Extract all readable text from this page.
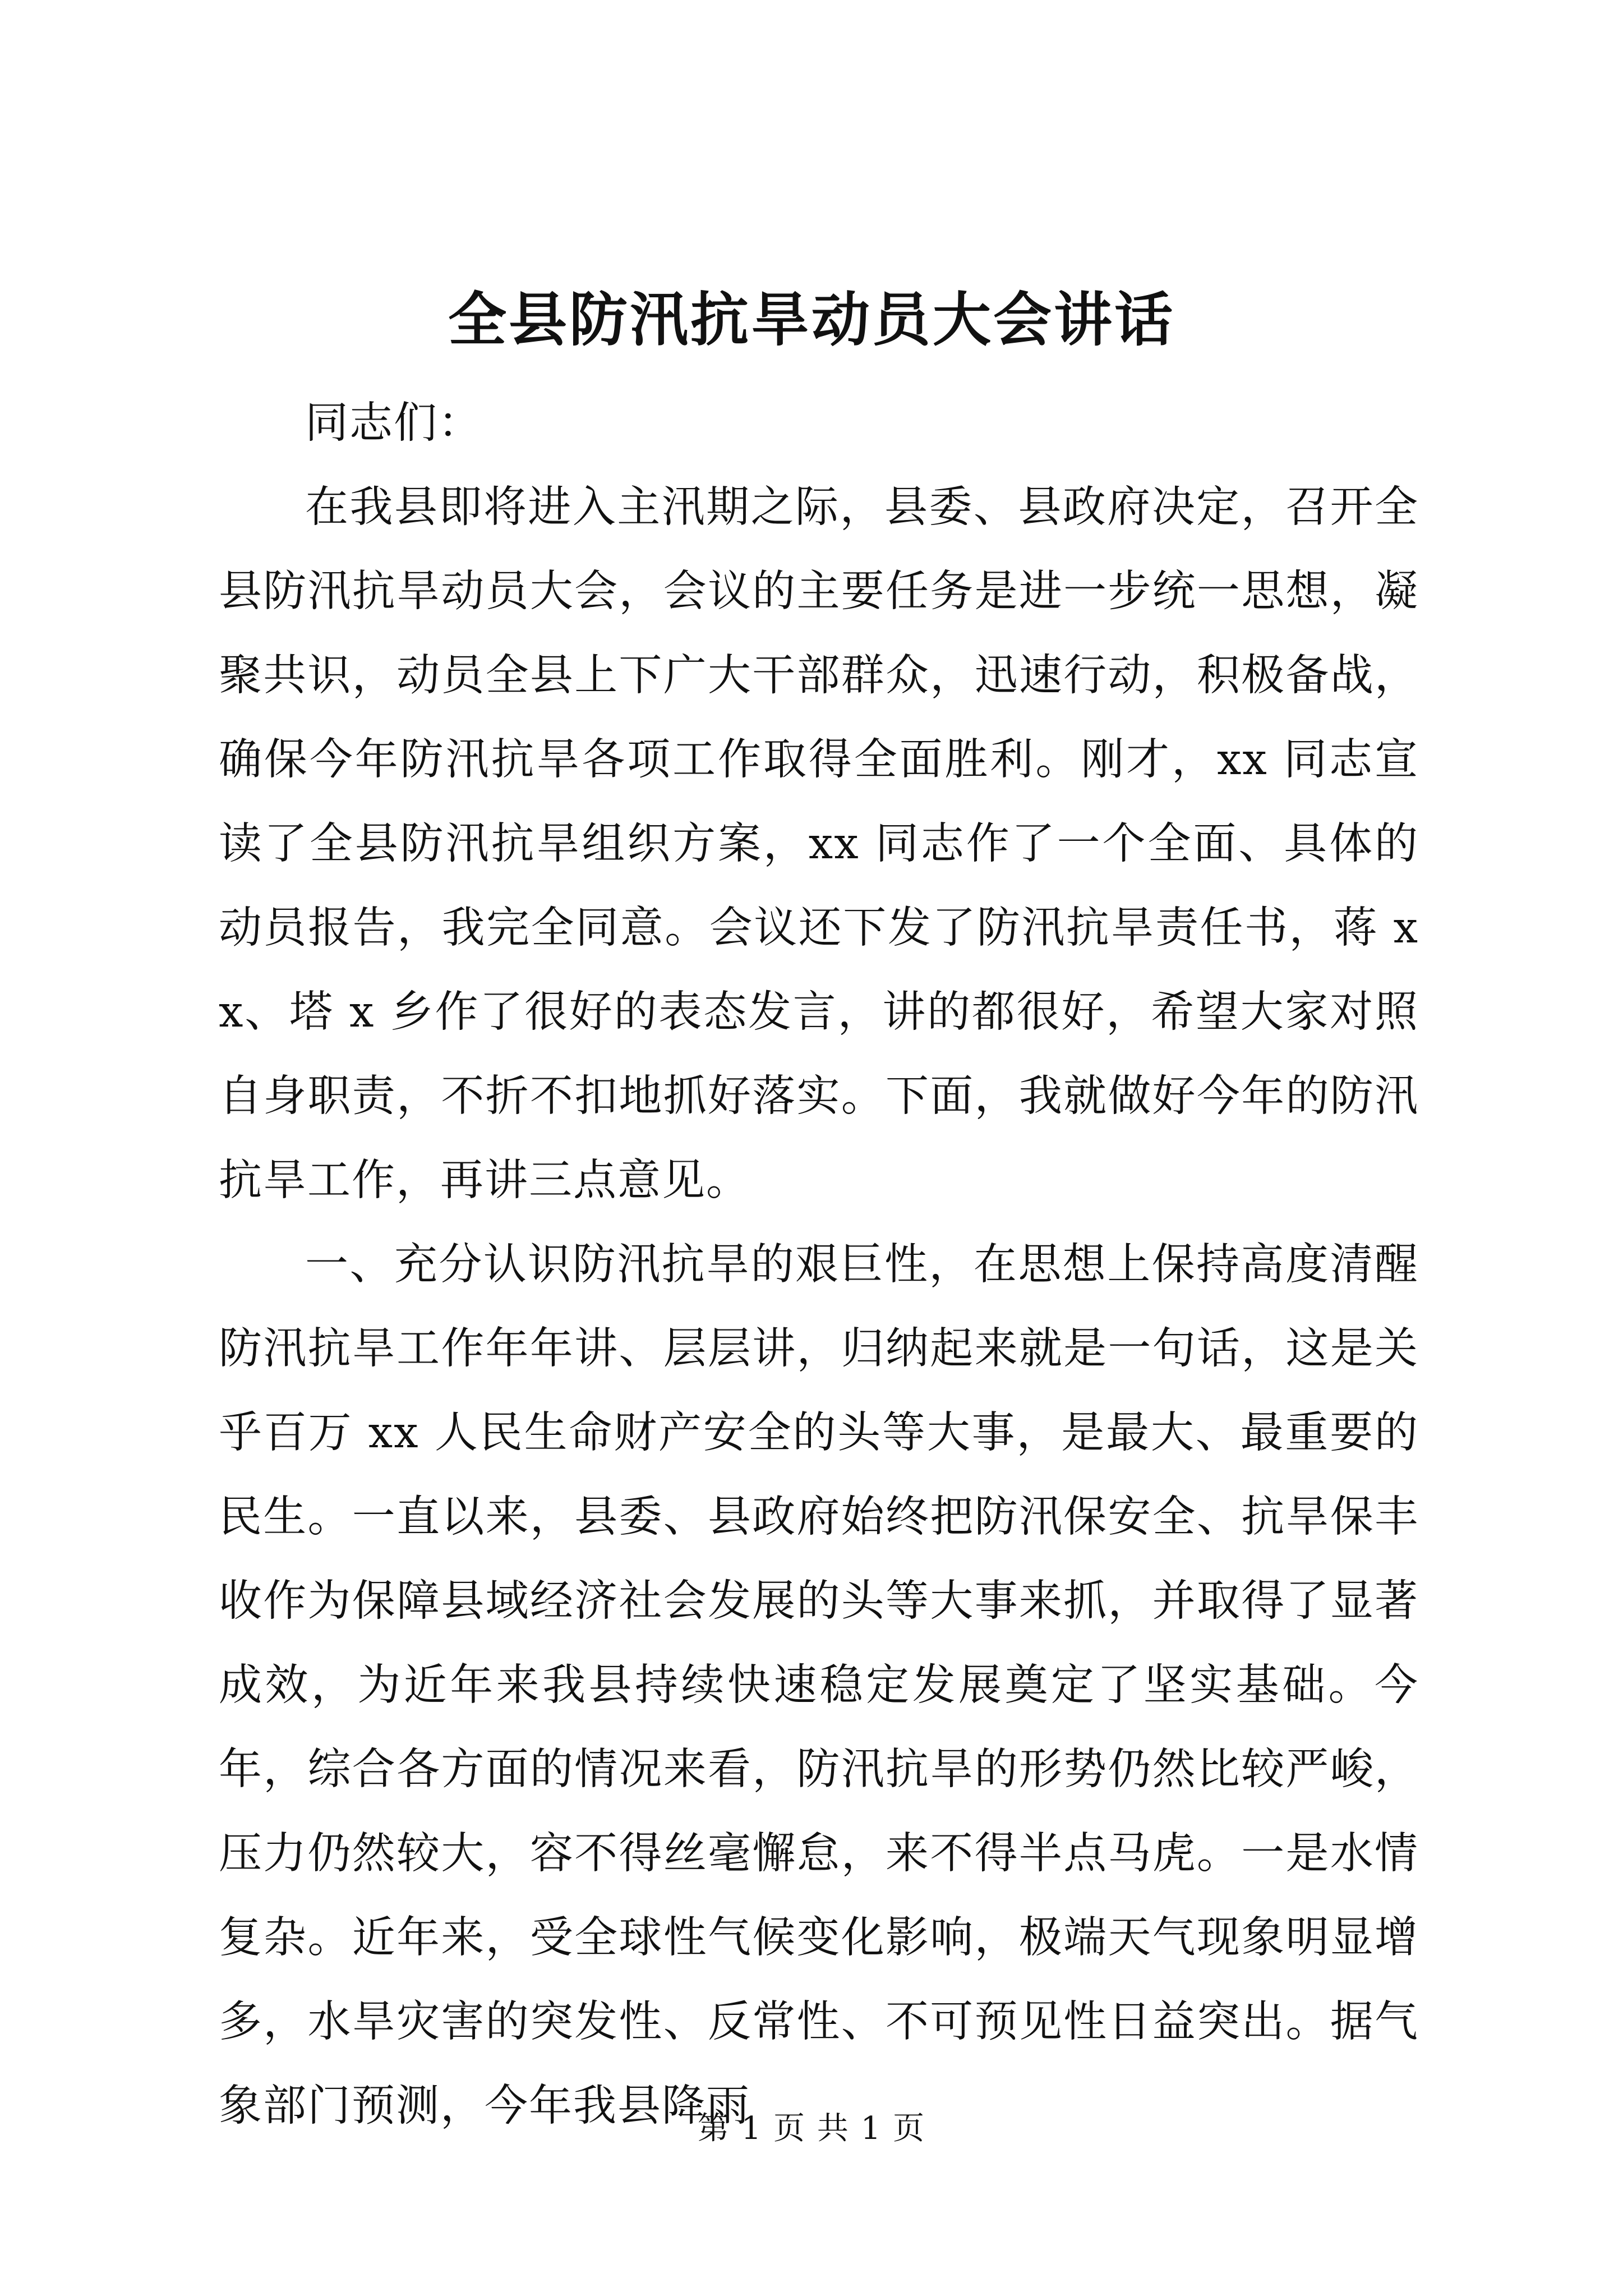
全县防汛抗旱动员大会讲话

同志们：

在我县即将进入主汛期之际，县委、县政府决定，召开全县防汛抗旱动员大会，会议的主要任务是进一步统一思想，凝聚共识，动员全县上下广大干部群众，迅速行动，积极备战，确保今年防汛抗旱各项工作取得全面胜利。刚才，xx 同志宣读了全县防汛抗旱组织方案，xx 同志作了一个全面、具体的动员报告，我完全同意。会议还下发了防汛抗旱责任书，蒋 xx、塔 x 乡作了很好的表态发言，讲的都很好，希望大家对照自身职责，不折不扣地抓好落实。下面，我就做好今年的防汛抗旱工作，再讲三点意见。

一、充分认识防汛抗旱的艰巨性，在思想上保持高度清醒防汛抗旱工作年年讲、层层讲，归纳起来就是一句话，这是关乎百万 xx 人民生命财产安全的头等大事，是最大、最重要的民生。一直以来，县委、县政府始终把防汛保安全、抗旱保丰收作为保障县域经济社会发展的头等大事来抓，并取得了显著成效，为近年来我县持续快速稳定发展奠定了坚实基础。今年，综合各方面的情况来看，防汛抗旱的形势仍然比较严峻，压力仍然较大，容不得丝毫懈怠，来不得半点马虎。一是水情复杂。近年来，受全球性气候变化影响，极端天气现象明显增多，水旱灾害的突发性、反常性、不可预见性日益突出。据气象部门预测，今年我县降雨

第 1 页 共 1 页
